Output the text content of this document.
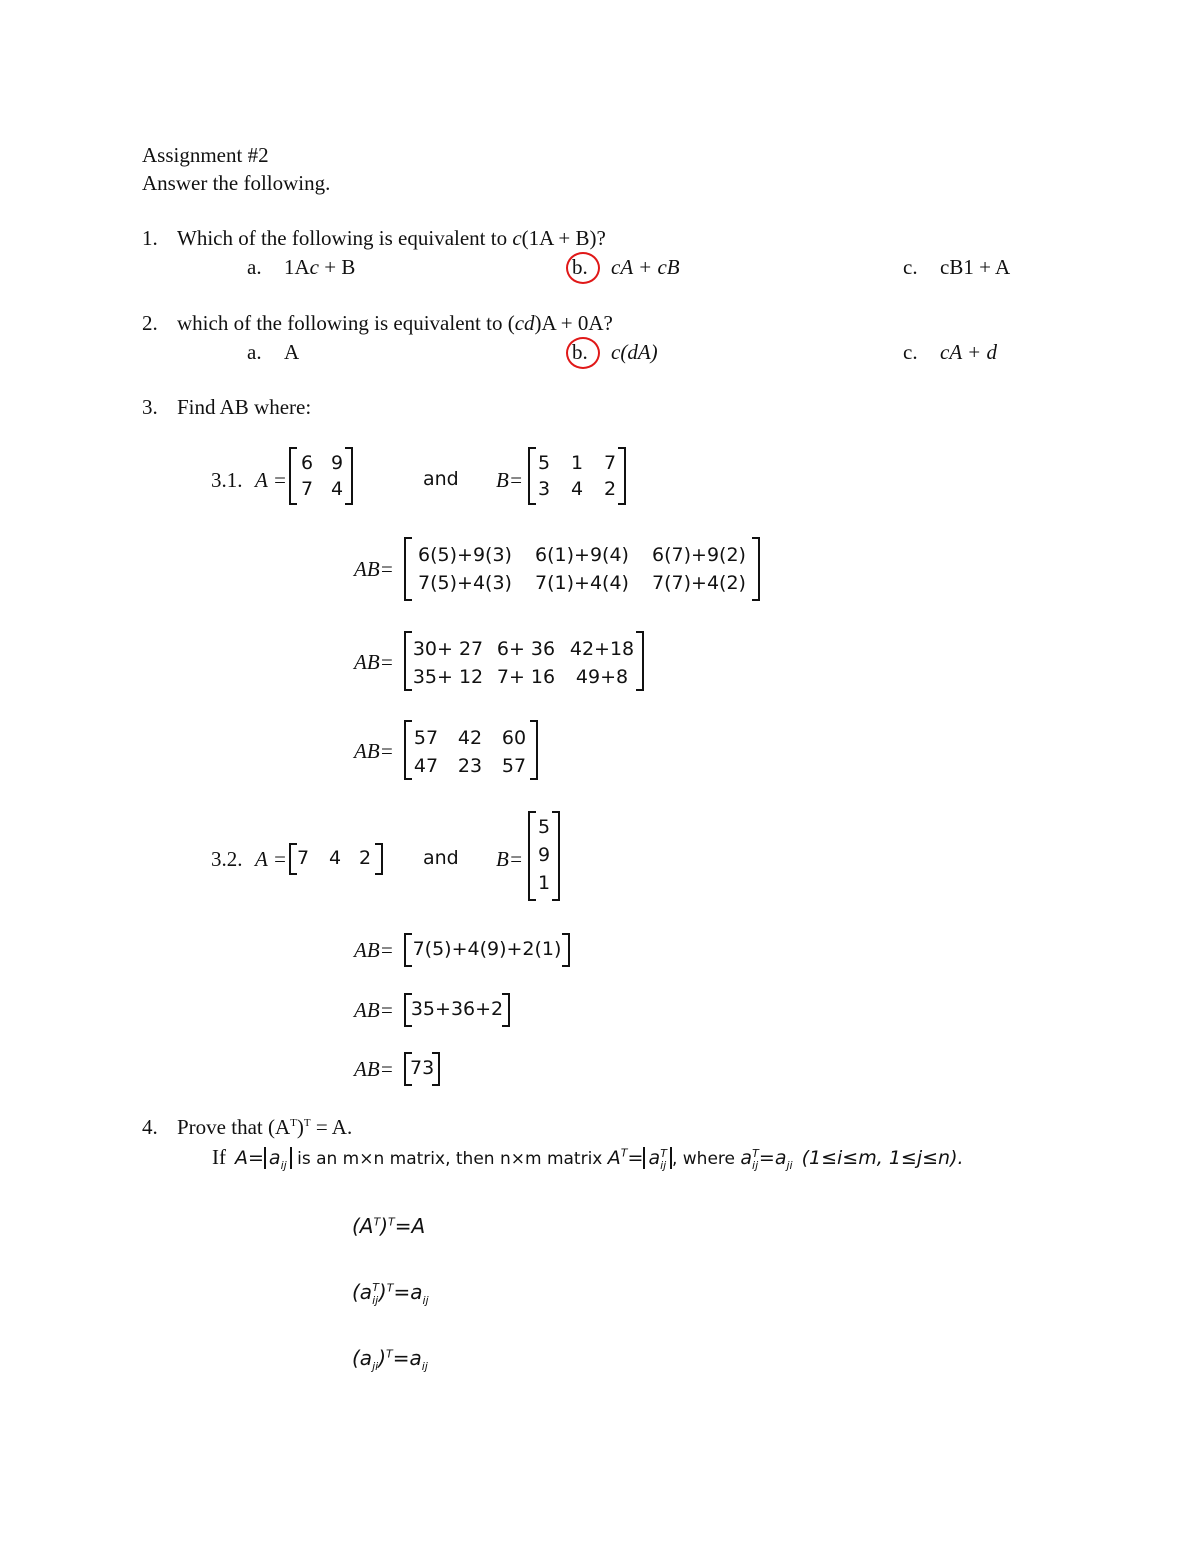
Assignment #2
Answer the following.
1. Which of the following is equivalent to c(1A + B)?
a. 1Ac + B	b. cA + cB	c. cB1 + A
2. which of the following is equivalent to (cd)A + 0A?
a. A	b. c(dA)	c. cA + d
3. Find AB where:
3.1. A =
6 9
7 4	and B=
5 1 7
3 4 2
AB=
6(5)+9(3)	6(1)+9(4)	6(7)+9(2)
7(5)+4(3)	7(1)+4(4)	7(7)+4(2)
AB=
30+ 27 6+ 36 42+18
35+ 12 7+ 16	49+8
AB=
57 42 60
47 23 57
3.2. A = 7 4 2	and B=
5
9
1
AB= 7(5)+4(9)+2(1)
AB= 35+36+2
AB= 73
4. Prove that $(A^T)^T = A$.
If $A= a_{ij}$ is an m×n matrix, then n×m matrix $A^T= a_{ij}^T$ , where $a_{ij}^T=a_{ji}$ (1≤i≤m, 1≤j≤n).
$(A^T)^T=A$
$(a_{ij}^T)^T=a_{ij}$
$(a_{ji})^T=a_{ij}$
